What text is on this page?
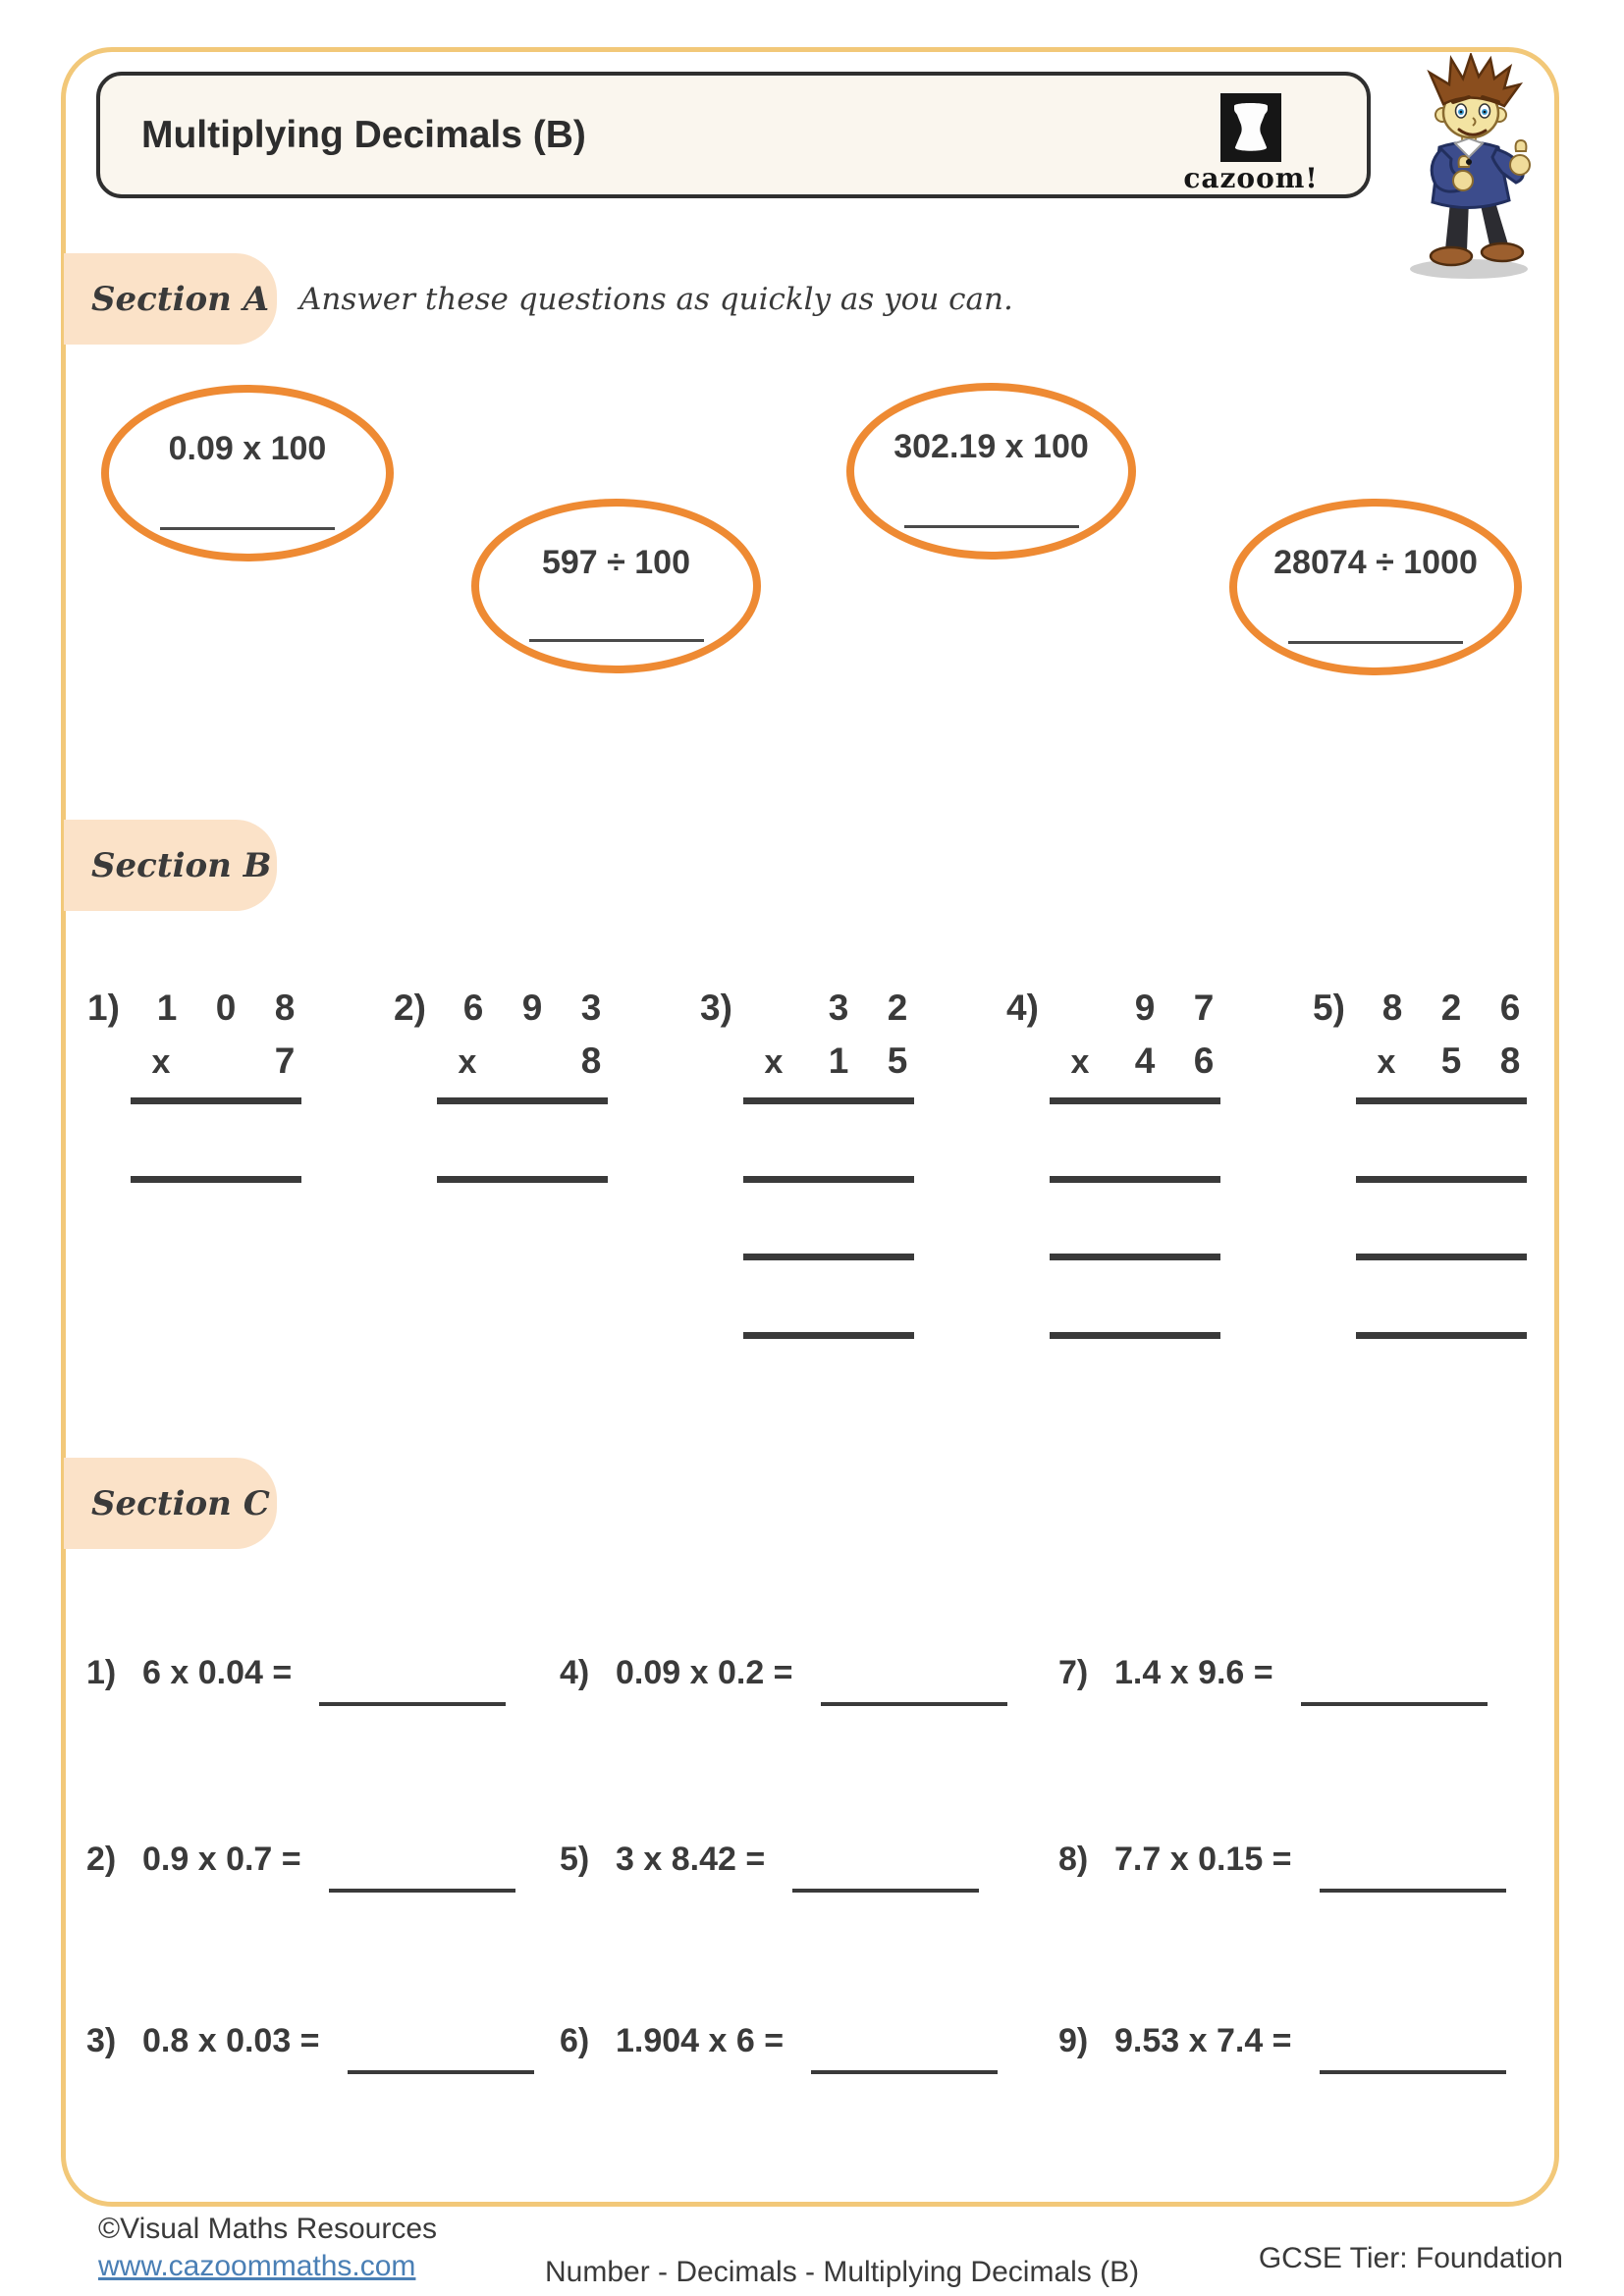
Multiplying Decimals (B)
cazoom!
Section A Answer these questions as quickly as you can.
0.09 x 100
597 ÷ 100
302.19 x 100
28074 ÷ 1000
Section B
1)	1	0	8
x	7
2)	6	9	3
x	8
3)	3	2
x	1	5
4)	9	7
x	4	6
5)	8	2	6
x	5	8
Section C
1) 6 x 0.04 =	4) 0.09 x 0.2 =	7) 1.4 x 9.6 =
2) 0.9 x 0.7 =	5) 3 x 8.42 =	8) 7.7 x 0.15 =
3) 0.8 x 0.03 =	6) 1.904 x 6 =	9) 9.53 x 7.4 =
©Visual Maths Resources
www.cazoommaths.com	Number - Decimals - Multiplying Decimals (B)	GCSE Tier: Foundation
